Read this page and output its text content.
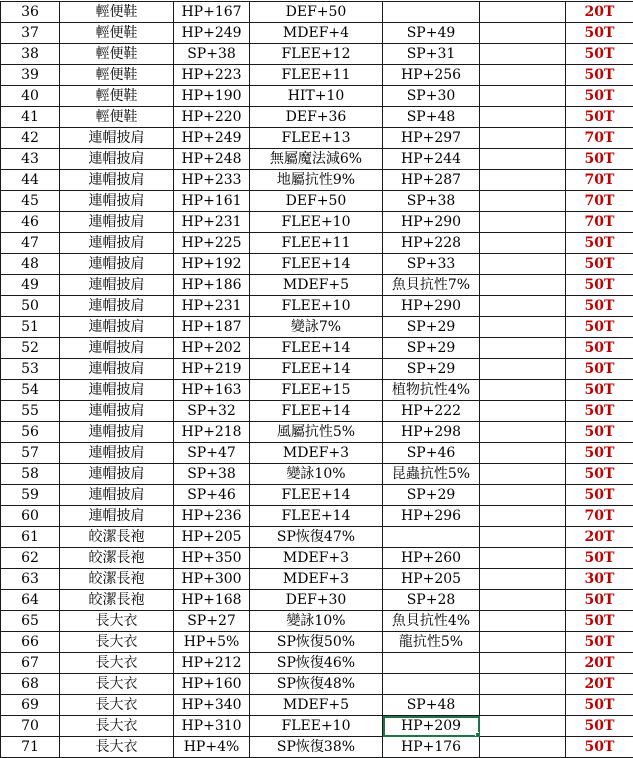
36	輕便鞋	HP+167	DEF+50			20T
37	輕便鞋	HP+249	MDEF+4	SP+49		50T
38	輕便鞋	SP+38	FLEE+12	SP+31		50T
39	輕便鞋	HP+223	FLEE+11	HP+256		50T
40	輕便鞋	HP+190	HIT+10	SP+30		50T
41	輕便鞋	HP+220	DEF+36	SP+48		50T
42	連帽披肩	HP+249	FLEE+13	HP+297		70T
43	連帽披肩	HP+248	無屬魔法減6%	HP+244		50T
44	連帽披肩	HP+233	地屬抗性9%	HP+287		70T
45	連帽披肩	HP+161	DEF+50	SP+38		70T
46	連帽披肩	HP+231	FLEE+10	HP+290		70T
47	連帽披肩	HP+225	FLEE+11	HP+228		50T
48	連帽披肩	HP+192	FLEE+14	SP+33		50T
49	連帽披肩	HP+186	MDEF+5	魚貝抗性7%		50T
50	連帽披肩	HP+231	FLEE+10	HP+290		50T
51	連帽披肩	HP+187	變詠7%	SP+29		50T
52	連帽披肩	HP+202	FLEE+14	SP+29		50T
53	連帽披肩	HP+219	FLEE+14	SP+29		50T
54	連帽披肩	HP+163	FLEE+15	植物抗性4%		50T
55	連帽披肩	SP+32	FLEE+14	HP+222		50T
56	連帽披肩	HP+218	風屬抗性5%	HP+298		50T
57	連帽披肩	SP+47	MDEF+3	SP+46		50T
58	連帽披肩	SP+38	變詠10%	昆蟲抗性5%		50T
59	連帽披肩	SP+46	FLEE+14	SP+29		50T
60	連帽披肩	HP+236	FLEE+14	HP+296		70T
61	皎潔長袍	HP+205	SP恢復47%			20T
62	皎潔長袍	HP+350	MDEF+3	HP+260		50T
63	皎潔長袍	HP+300	MDEF+3	HP+205		30T
64	皎潔長袍	HP+168	DEF+30	SP+28		50T
65	長大衣	SP+27	變詠10%	魚貝抗性4%		50T
66	長大衣	HP+5%	SP恢復50%	龍抗性5%		50T
67	長大衣	HP+212	SP恢復46%			20T
68	長大衣	HP+160	SP恢復48%			20T
69	長大衣	HP+340	MDEF+5	SP+48		50T
70	長大衣	HP+310	FLEE+10	HP+209		50T
71	長大衣	HP+4%	SP恢復38%	HP+176		50T
